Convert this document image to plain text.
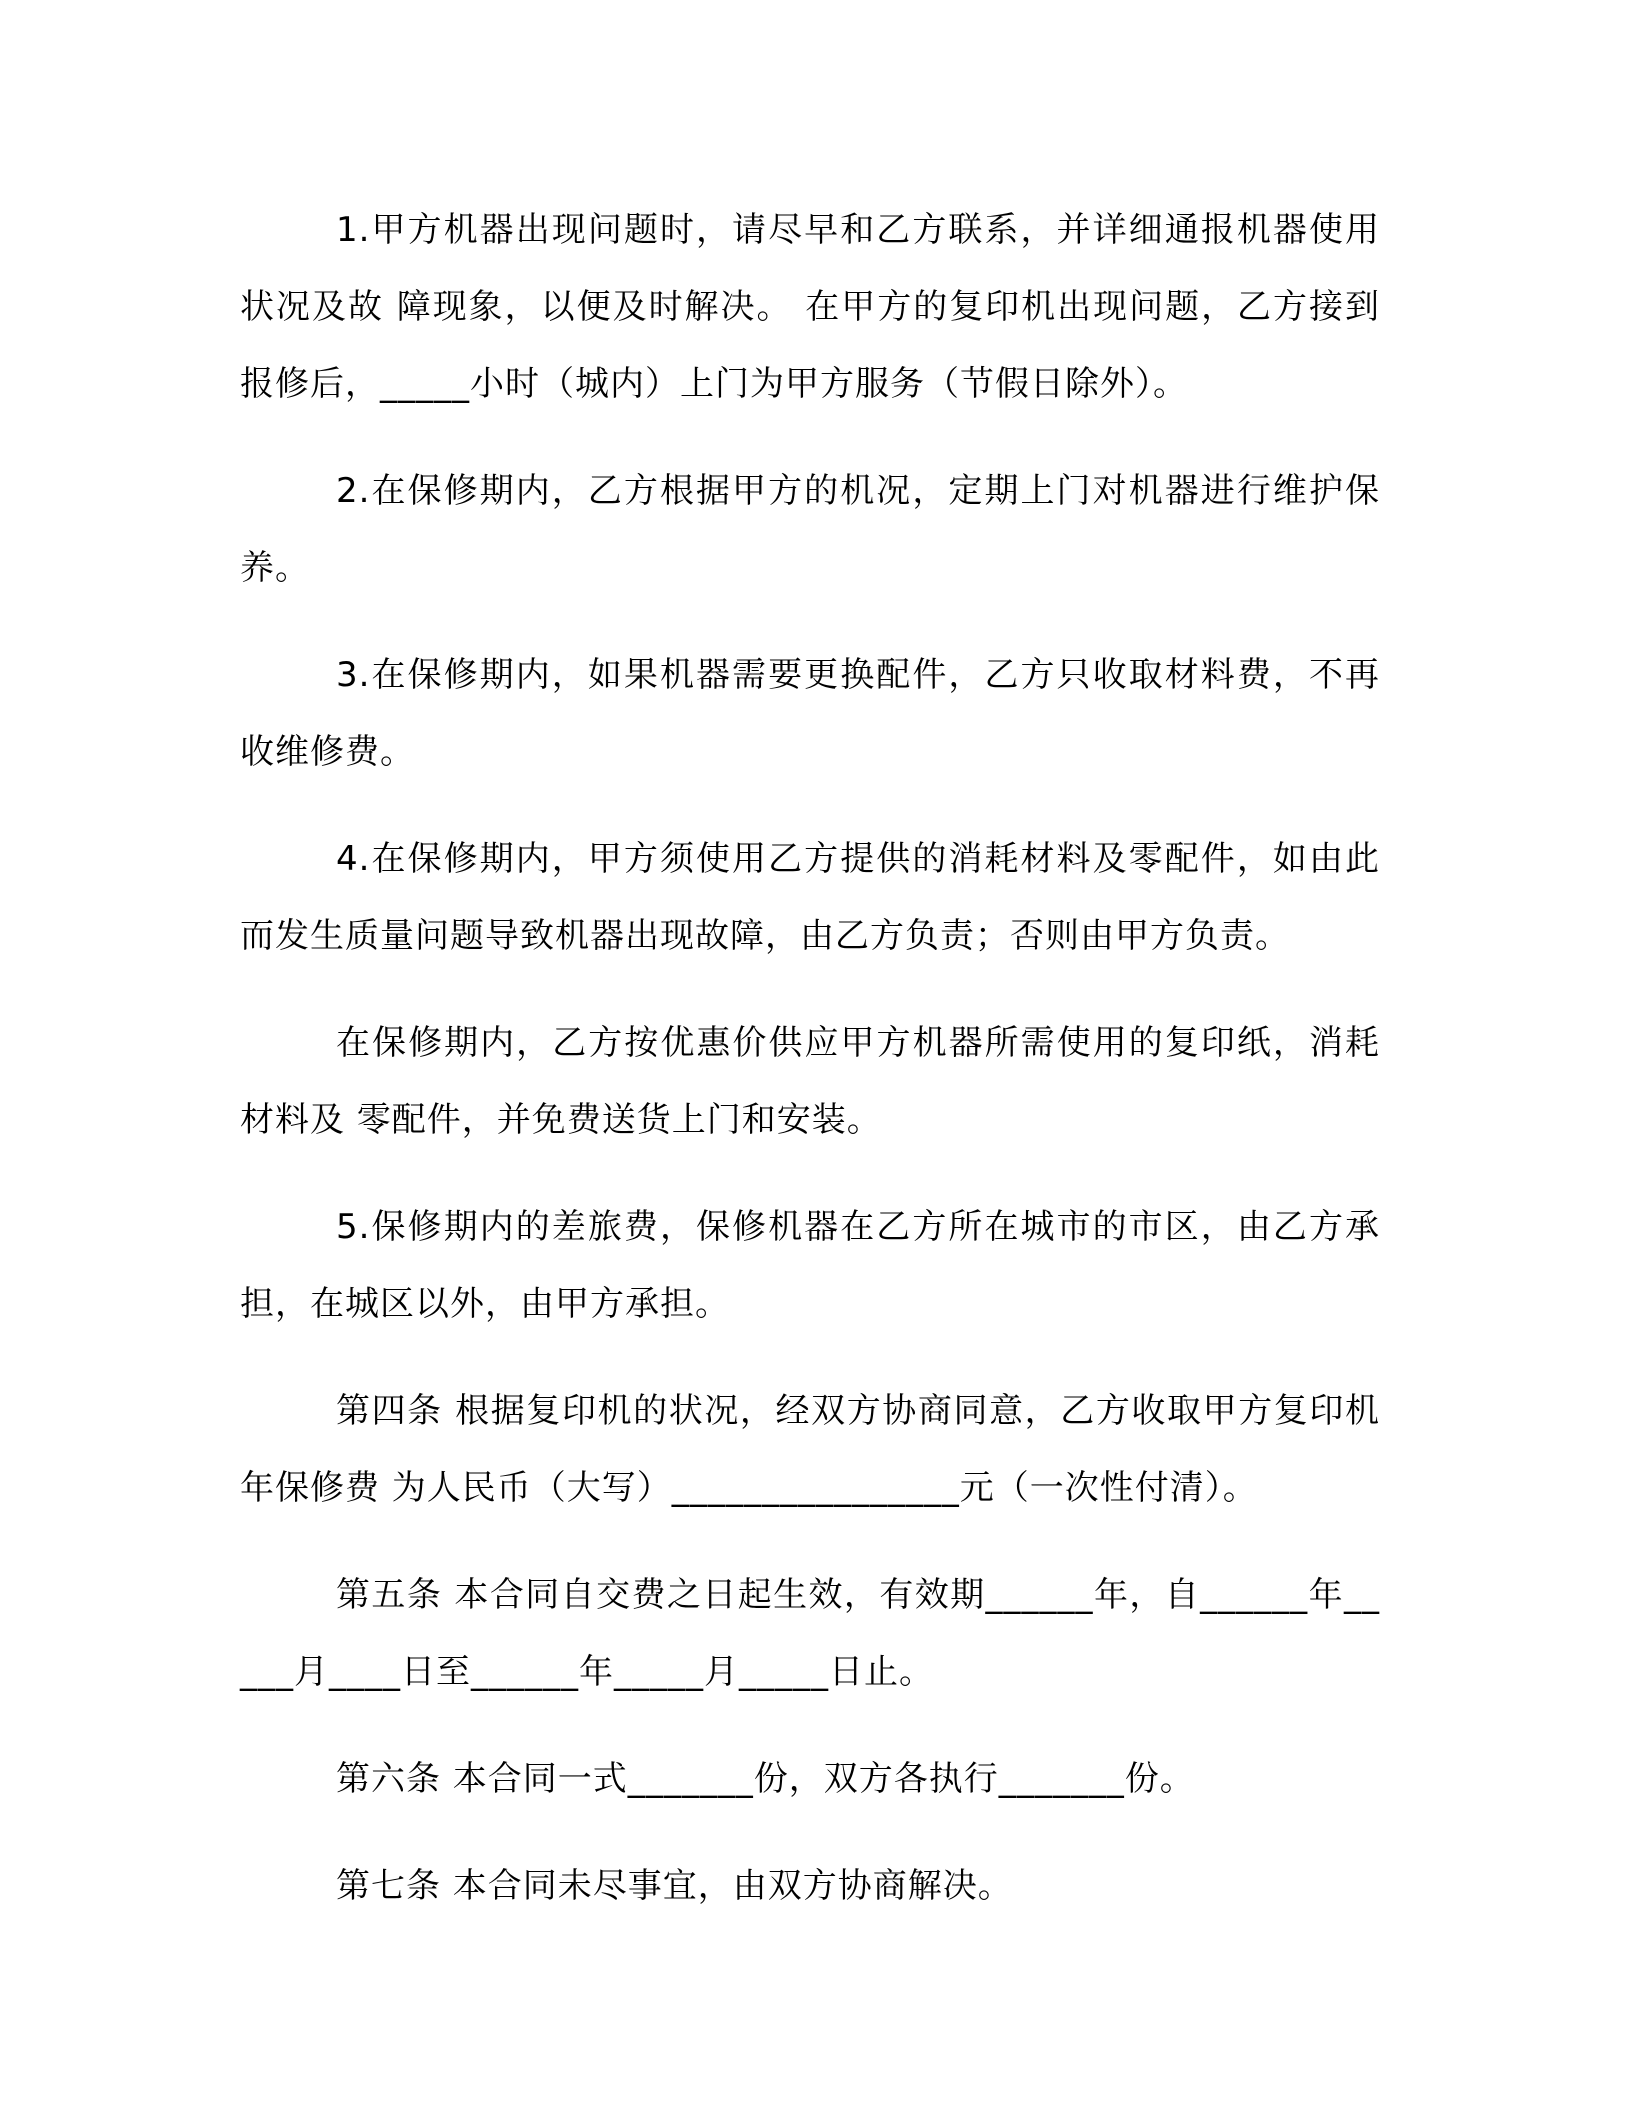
1.甲方机器出现问题时，请尽早和乙方联系，并详细通报机器使用状况及故 障现象，以便及时解决。 在甲方的复印机出现问题，乙方接到报修后，_____小时（城内）上门为甲方服务（节假日除外）。

2.在保修期内，乙方根据甲方的机况，定期上门对机器进行维护保养。

3.在保修期内，如果机器需要更换配件，乙方只收取材料费，不再收维修费。

4.在保修期内，甲方须使用乙方提供的消耗材料及零配件，如由此而发生质量问题导致机器出现故障，由乙方负责；否则由甲方负责。

在保修期内，乙方按优惠价供应甲方机器所需使用的复印纸，消耗材料及 零配件，并免费送货上门和安装。

5.保修期内的差旅费，保修机器在乙方所在城市的市区，由乙方承担，在城区以外，由甲方承担。

第四条 根据复印机的状况，经双方协商同意，乙方收取甲方复印机年保修费 为人民币（大写）________________元（一次性付清）。

第五条 本合同自交费之日起生效，有效期______年，自______年_____月____日至______年_____月_____日止。

第六条 本合同一式_______份，双方各执行_______份。

第七条 本合同未尽事宜，由双方协商解决。
